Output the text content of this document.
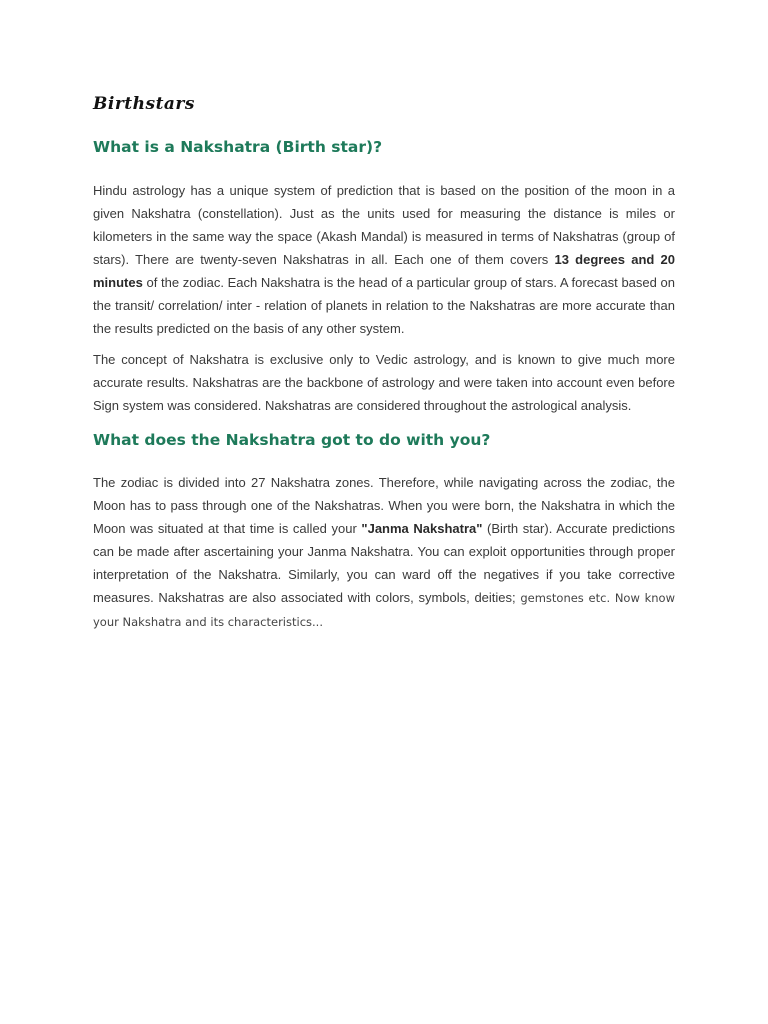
Birthstars
What is a Nakshatra (Birth star)?

Hindu astrology has a unique system of prediction that is based on the position of the moon in a given Nakshatra (constellation). Just as the units used for measuring the distance is miles or kilometers in the same way the space (Akash Mandal) is measured in terms of Nakshatras (group of stars). There are twenty-seven Nakshatras in all. Each one of them covers 13 degrees and 20 minutes of the zodiac. Each Nakshatra is the head of a particular group of stars. A forecast based on the transit/ correlation/ inter - relation of planets in relation to the Nakshatras are more accurate than the results predicted on the basis of any other system.

The concept of Nakshatra is exclusive only to Vedic astrology, and is known to give much more accurate results. Nakshatras are the backbone of astrology and were taken into account even before Sign system was considered. Nakshatras are considered throughout the astrological analysis.

What does the Nakshatra got to do with you?

The zodiac is divided into 27 Nakshatra zones. Therefore, while navigating across the zodiac, the Moon has to pass through one of the Nakshatras. When you were born, the Nakshatra in which the Moon was situated at that time is called your "Janma Nakshatra" (Birth star). Accurate predictions can be made after ascertaining your Janma Nakshatra. You can exploit opportunities through proper interpretation of the Nakshatra. Similarly, you can ward off the negatives if you take corrective measures. Nakshatras are also associated with colors, symbols, deities; gemstones etc. Now know your Nakshatra and its characteristics...
